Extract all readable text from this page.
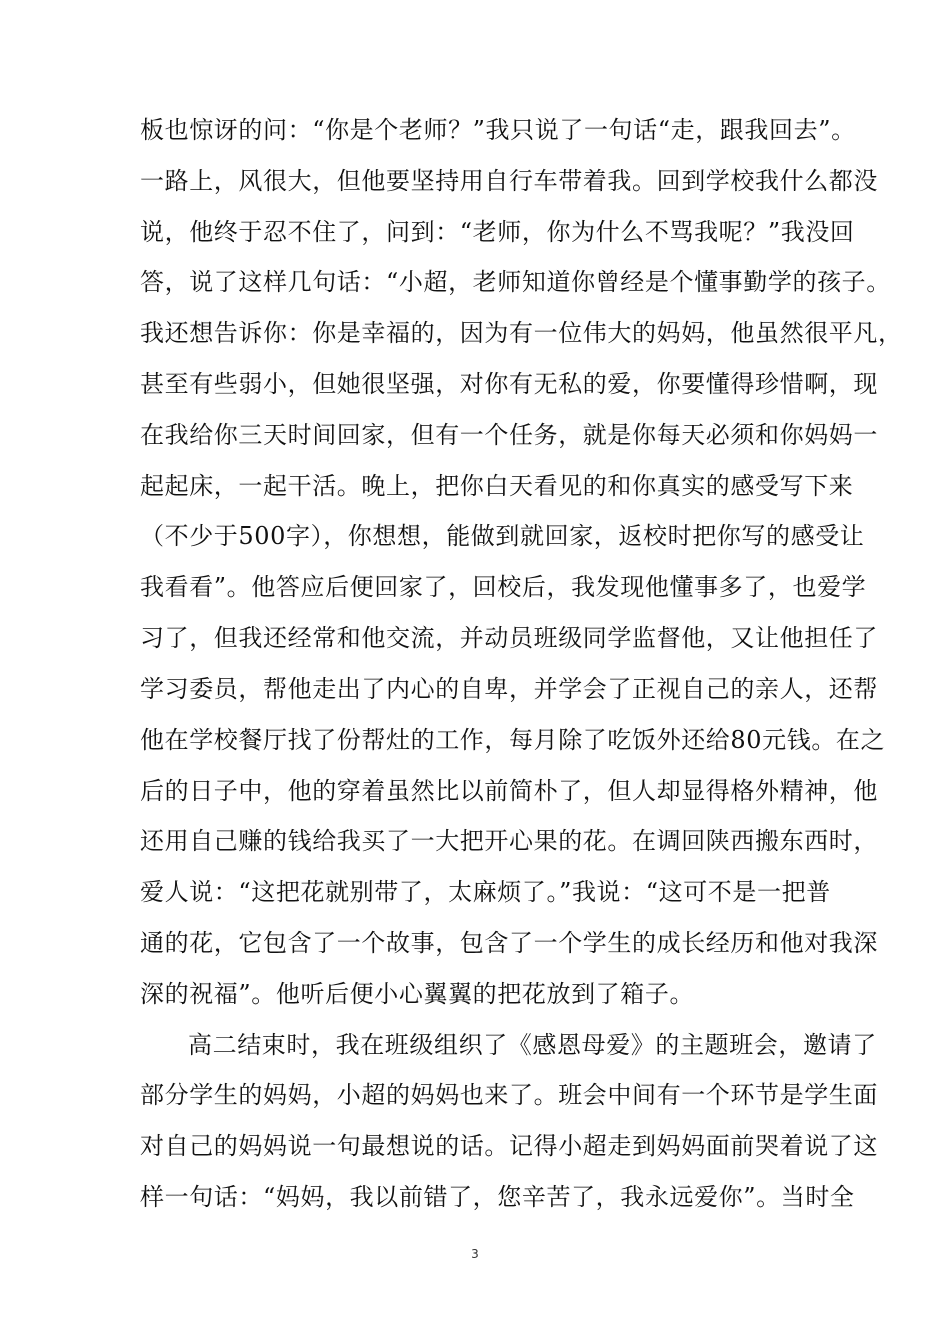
板也惊讶的问：“你是个老师？”我只说了一句话“走，跟我回去”。
一路上，风很大，但他要坚持用自行车带着我。回到学校我什么都没
说，他终于忍不住了，问到：“老师，你为什么不骂我呢？”我没回
答，说了这样几句话：“小超，老师知道你曾经是个懂事勤学的孩子。
我还想告诉你：你是幸福的，因为有一位伟大的妈妈，他虽然很平凡，
甚至有些弱小，但她很坚强，对你有无私的爱，你要懂得珍惜啊，现
在我给你三天时间回家，但有一个任务，就是你每天必须和你妈妈一
起起床，一起干活。晚上，把你白天看见的和你真实的感受写下来
（不少于500字），你想想，能做到就回家，返校时把你写的感受让
我看看”。他答应后便回家了，回校后，我发现他懂事多了，也爱学
习了，但我还经常和他交流，并动员班级同学监督他，又让他担任了
学习委员，帮他走出了内心的自卑，并学会了正视自己的亲人，还帮
他在学校餐厅找了份帮灶的工作，每月除了吃饭外还给80元钱。在之
后的日子中，他的穿着虽然比以前简朴了，但人却显得格外精神，他
还用自己赚的钱给我买了一大把开心果的花。在调回陕西搬东西时，
爱人说：“这把花就别带了，太麻烦了。”我说：“这可不是一把普
通的花，它包含了一个故事，包含了一个学生的成长经历和他对我深
深的祝福”。他听后便小心翼翼的把花放到了箱子。
高二结束时，我在班级组织了《感恩母爱》的主题班会，邀请了
部分学生的妈妈，小超的妈妈也来了。班会中间有一个环节是学生面
对自己的妈妈说一句最想说的话。记得小超走到妈妈面前哭着说了这
样一句话：“妈妈，我以前错了，您辛苦了，我永远爱你”。当时全
3
